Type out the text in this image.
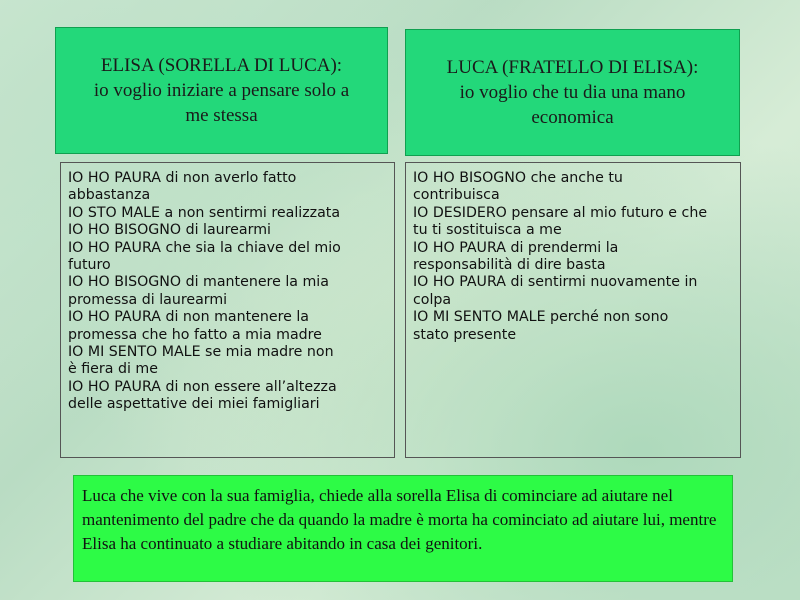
ELISA (SORELLA DI LUCA):
io voglio iniziare a pensare solo a
me stessa
LUCA (FRATELLO DI ELISA):
io voglio che tu dia una mano
economica
IO HO PAURA di non averlo fatto
abbastanza
IO STO MALE a non sentirmi realizzata
IO HO BISOGNO di laurearmi
IO HO PAURA che sia la chiave del mio
futuro
IO HO BISOGNO di mantenere la mia
promessa di laurearmi
IO HO PAURA di non mantenere la
promessa che ho fatto a mia madre
IO MI SENTO MALE se mia madre non
è fiera di me
IO HO PAURA di non essere all’altezza
delle aspettative dei miei famigliari
IO HO BISOGNO che anche tu
contribuisca
IO DESIDERO pensare al mio futuro e che
tu ti sostituisca a me
IO HO PAURA di prendermi la
responsabilità di dire basta
IO HO PAURA di sentirmi nuovamente in
colpa
IO MI SENTO MALE perché non sono
stato presente
Luca che vive con la sua famiglia, chiede alla sorella Elisa di cominciare ad aiutare nel mantenimento del padre che da quando la madre è morta ha cominciato ad aiutare lui, mentre Elisa ha continuato a studiare abitando in casa dei genitori.
